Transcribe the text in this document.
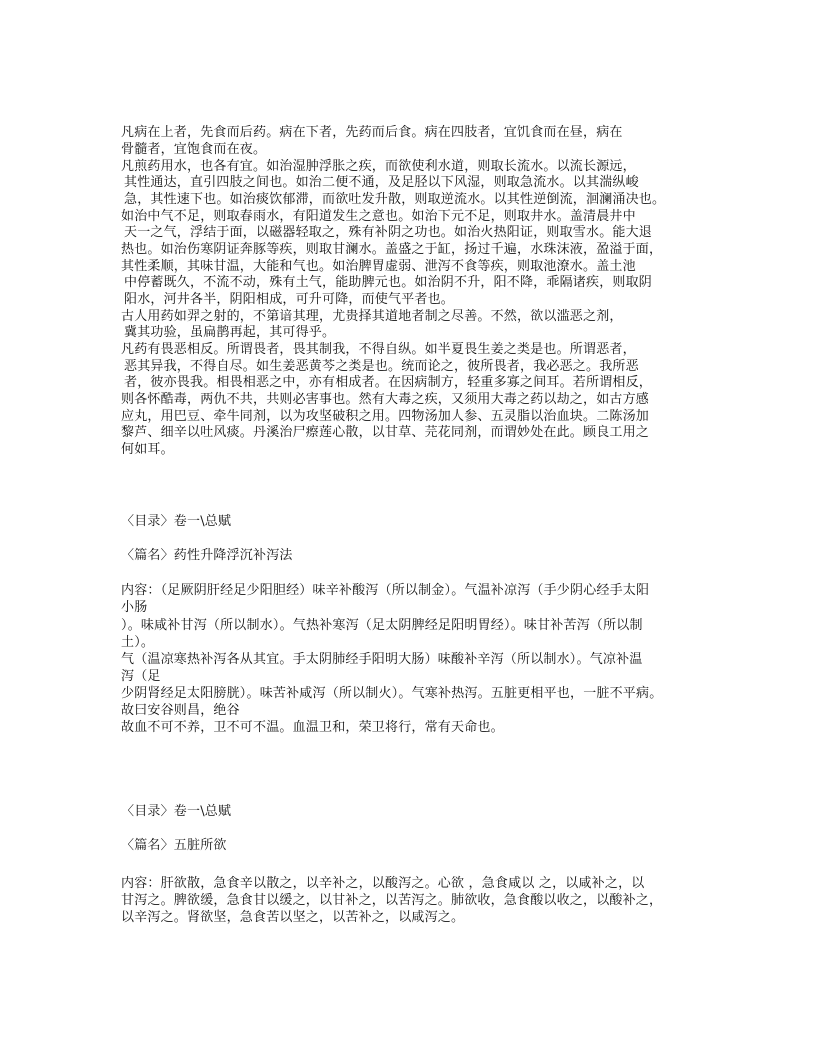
凡病在上者，先食而后药。病在下者，先药而后食。病在四肢者，宜饥食而在昼，病在
骨髓者，宜饱食而在夜。
凡煎药用水，也各有宜。如治湿肿浮胀之疾，而欲使利水道，则取长流水。以流长源远，
其性通达，直引四肢之间也。如治二便不通，及足胫以下风湿，则取急流水。以其湍纵峻
急，其性速下也。如治痰饮郁滞，而欲吐发升散，则取逆流水。以其性逆倒流，洄澜涌决也。
如治中气不足，则取春雨水，有阳道发生之意也。如治下元不足，则取井水。盖清晨井中
天一之气，浮结于面，以磁器轻取之，殊有补阴之功也。如治火热阳证，则取雪水。能大退
热也。如治伤寒阴证奔豚等疾，则取甘澜水。盖盛之于缸，扬过千遍，水珠沫液，盈溢于面，
其性柔顺，其味甘温，大能和气也。如治脾胃虚弱、泄泻不食等疾，则取池潦水。盖土池
中停蓄既久，不流不动，殊有土气，能助脾元也。如治阴不升，阳不降，乖隔诸疾，则取阴
阳水，河井各半，阴阳相成，可升可降，而使气平者也。
古人用药如羿之射的，不第谙其理，尤贵择其道地者制之尽善。不然，欲以滥恶之剂，
冀其功验，虽扁鹊再起，其可得乎。
凡药有畏恶相反。所谓畏者，畏其制我，不得自纵。如半夏畏生姜之类是也。所谓恶者，
恶其异我，不得自尽。如生姜恶黄芩之类是也。统而论之，彼所畏者，我必恶之。我所恶
者，彼亦畏我。相畏相恶之中，亦有相成者。在因病制方，轻重多寡之间耳。若所谓相反，
则各怀酷毒，两仇不共，共则必害事也。然有大毒之疾，又须用大毒之药以劫之，如古方感
应丸，用巴豆、牵牛同剂，以为攻坚破积之用。四物汤加人参、五灵脂以治血块。二陈汤加
黎芦、细辛以吐风痰。丹溪治尸瘵莲心散，以甘草、芫花同剂，而谓妙处在此。顾良工用之
何如耳。
〈目录〉卷一\总赋
〈篇名〉药性升降浮沉补泻法
内容：（足厥阴肝经足少阳胆经）味辛补酸泻（所以制金）。气温补凉泻（手少阴心经手太阳
小肠
）。味咸补甘泻（所以制水）。气热补寒泻（足太阴脾经足阳明胃经）。味甘补苦泻（所以制
土）。
气（温凉寒热补泻各从其宜。手太阴肺经手阳明大肠）味酸补辛泻（所以制水）。气凉补温
泻（足
少阴肾经足太阳膀胱）。味苦补咸泻（所以制火）。气寒补热泻。五脏更相平也，一脏不平病。
故曰安谷则昌，绝谷
故血不可不养，卫不可不温。血温卫和，荣卫将行，常有天命也。
〈目录〉卷一\总赋
〈篇名〉五脏所欲
内容：肝欲散，急食辛以散之，以辛补之，以酸泻之。心欲 ，急食咸以 之，以咸补之，以
甘泻之。脾欲缓，急食甘以缓之，以甘补之，以苦泻之。肺欲收，急食酸以收之，以酸补之，
以辛泻之。肾欲坚，急食苦以坚之，以苦补之，以咸泻之。
